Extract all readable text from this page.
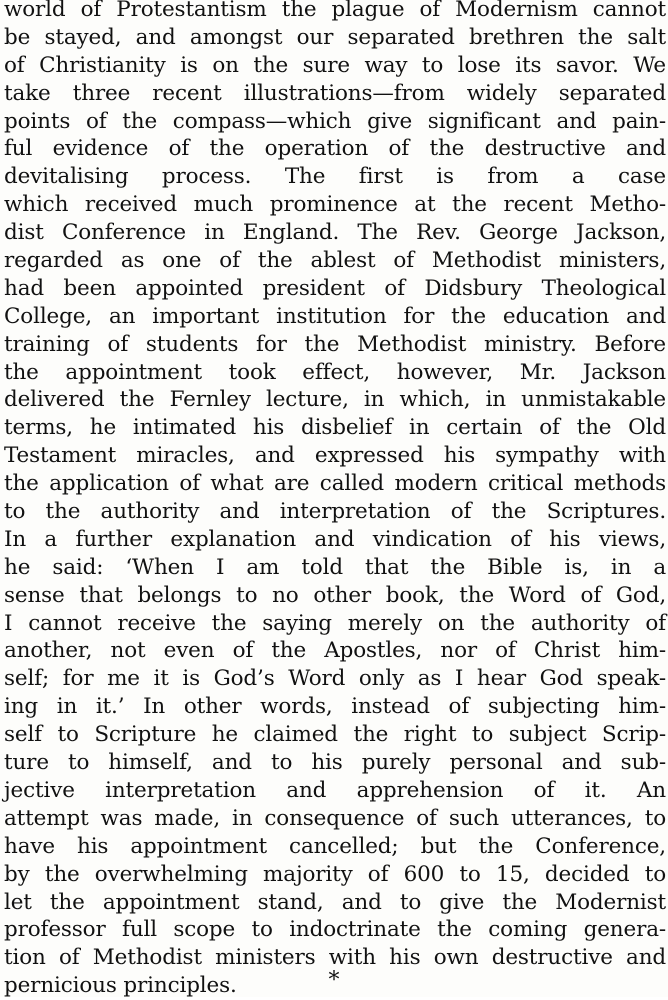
world of Protestantism the plague of Modernism cannot
be stayed, and amongst our separated brethren the salt
of Christianity is on the sure way to lose its savor. We
take three recent illustrations—from widely separated
points of the compass—which give significant and pain-
ful evidence of the operation of the destructive and
devitalising process. The first is from a case
which received much prominence at the recent Metho-
dist Conference in England. The Rev. George Jackson,
regarded as one of the ablest of Methodist ministers,
had been appointed president of Didsbury Theological
College, an important institution for the education and
training of students for the Methodist ministry. Before
the appointment took effect, however, Mr. Jackson
delivered the Fernley lecture, in which, in unmistakable
terms, he intimated his disbelief in certain of the Old
Testament miracles, and expressed his sympathy with
the application of what are called modern critical methods
to the authority and interpretation of the Scriptures.
In a further explanation and vindication of his views,
he said: ‘When I am told that the Bible is, in a
sense that belongs to no other book, the Word of God,
I cannot receive the saying merely on the authority of
another, not even of the Apostles, nor of Christ him-
self; for me it is God’s Word only as I hear God speak-
ing in it.’ In other words, instead of subjecting him-
self to Scripture he claimed the right to subject Scrip-
ture to himself, and to his purely personal and sub-
jective interpretation and apprehension of it. An
attempt was made, in consequence of such utterances, to
have his appointment cancelled; but the Conference,
by the overwhelming majority of 600 to 15, decided to
let the appointment stand, and to give the Modernist
professor full scope to indoctrinate the coming genera-
tion of Methodist ministers with his own destructive and
pernicious principles.	*
